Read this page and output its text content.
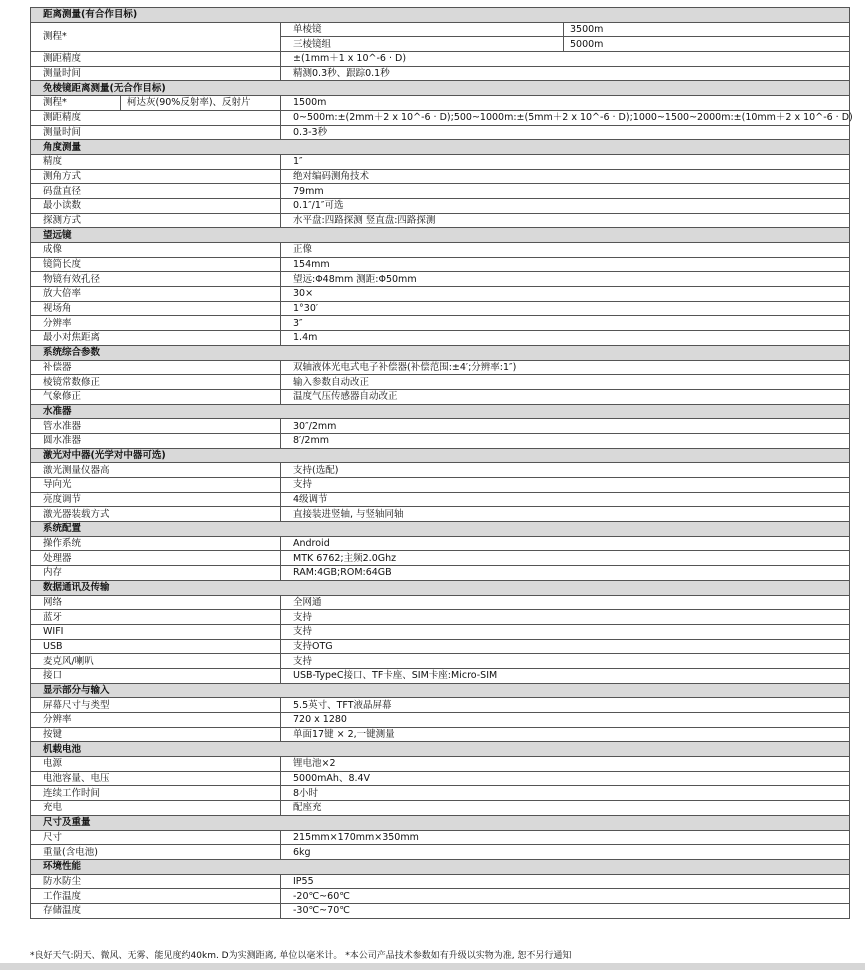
距离测量(有合作目标)			
测程*		单棱镜	3500m
		三棱镜组	5000m
测距精度		±(1mm＋1 x 10^-6 · D)	
测量时间		精测0.3秒、跟踪0.1秒	
免棱镜距离测量(无合作目标)			
测程*	柯达灰(90%反射率)、反射片	1500m	
测距精度		0~500m:±(2mm＋2 x 10^-6 · D);500~1000m:±(5mm＋2 x 10^-6 · D);1000~1500~2000m:±(10mm＋2 x 10^-6 · D)	
测量时间		0.3-3秒	
角度测量			
精度		1″	
测角方式		绝对编码测角技术	
码盘直径		79mm	
最小读数		0.1″/1″可选	
探测方式		水平盘:四路探测 竖直盘:四路探测	
望远镜			
成像		正像	
镜筒长度		154mm	
物镜有效孔径		望远:Φ48mm 测距:Φ50mm	
放大倍率		30×	
视场角		1°30′	
分辨率		3″	
最小对焦距离		1.4m	
系统综合参数			
补偿器		双轴液体光电式电子补偿器(补偿范围:±4′;分辨率:1″)	
棱镜常数修正		输入参数自动改正	
气象修正		温度气压传感器自动改正	
水准器			
管水准器		30″/2mm	
圆水准器		8′/2mm	
激光对中器(光学对中器可选)			
激光测量仪器高		支持(选配)	
导向光		支持	
亮度调节		4级调节	
激光器装载方式		直接装进竖轴, 与竖轴同轴	
系统配置			
操作系统		Android	
处理器		MTK 6762;主频2.0Ghz	
内存		RAM:4GB;ROM:64GB	
数据通讯及传输			
网络		全网通	
蓝牙		支持	
WIFI		支持	
USB		支持OTG	
麦克风/喇叭		支持	
接口		USB-TypeC接口、TF卡座、SIM卡座:Micro-SIM	
显示部分与输入			
屏幕尺寸与类型		5.5英寸、TFT液晶屏幕	
分辨率		720 x 1280	
按键		单面17键 × 2,一键测量	
机载电池			
电源		锂电池×2	
电池容量、电压		5000mAh、8.4V	
连续工作时间		8小时	
充电		配座充	
尺寸及重量			
尺寸		215mm×170mm×350mm	
重量(含电池)		6kg	
环境性能			
防水防尘		IP55	
工作温度		-20℃~60℃	
存储温度		-30℃~70℃	
*良好天气:阴天、微风、无雾、能见度约40km. D为实测距离, 单位以毫米计。 *本公司产品技术参数如有升级以实物为准, 恕不另行通知
